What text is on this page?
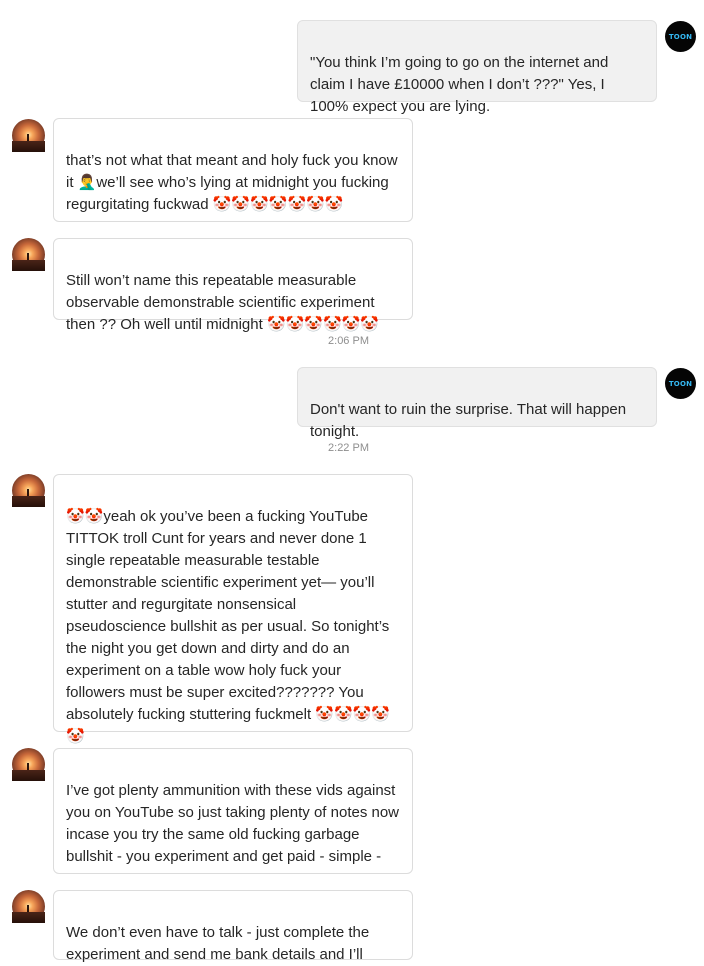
"You think I’m going to go on the internet and claim I have £10000 when I don’t ???" Yes, I 100% expect you are lying.

TOON

that’s not what that meant and holy fuck you know it 🤦‍♂️we’ll see who’s lying at midnight you fucking regurgitating fuckwad 🤡🤡🤡🤡🤡🤡🤡

Still won’t name this repeatable measurable observable demonstrable scientific experiment then ?? Oh well until midnight 🤡🤡🤡🤡🤡🤡

2:06 PM

Don't want to ruin the surprise. That will happen tonight.

TOON
2:22 PM

🤡🤡yeah ok you’ve been a fucking YouTube TITTOK troll Cunt for years and never done 1 single repeatable measurable testable demonstrable scientific experiment yet— you’ll stutter and regurgitate nonsensical pseudoscience bullshit as per usual. So tonight’s the night you get down and dirty and do an experiment on a table wow holy fuck your followers must be super excited??????? You absolutely fucking stuttering fuckmelt 🤡🤡🤡🤡🤡

I’ve got plenty ammunition with these vids against you on YouTube so just taking plenty of notes now incase you try the same old fucking garbage bullshit - you experiment and get paid - simple -

We don’t even have to talk - just complete the experiment and send me bank details and I’ll
